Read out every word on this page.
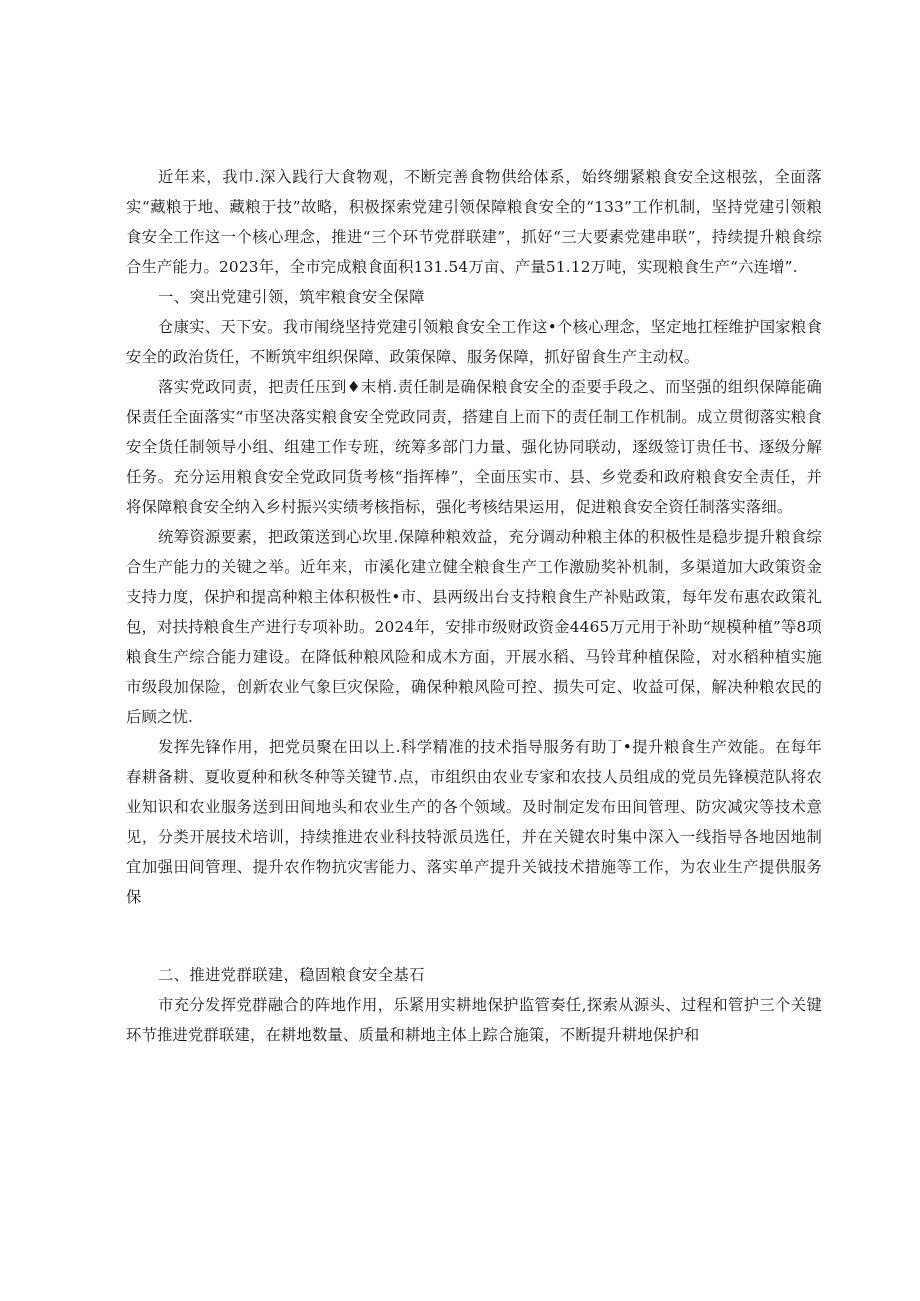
近年来，我巾.深入践行大食物观，不断完善食物供给体系，始终绷紧粮食安全这根弦，全面落实“藏粮于地、藏粮于技”故略，积极探索党建引领保障粮食安全的“133”工作机制，坚持党建引领粮食安全工作这一个核心理念，推进“三个环节党群联建”，抓好“三大要素党建串联”，持续提升粮食综合生产能力。2023年，全市完成粮食面积131.54万亩、产量51.12万吨，实现粮食生产“六连增”.

一、突出党建引领，筑牢粮食安全保障

仓康实、天下安。我市闱绕坚持党建引领粮食安全工作这•个核心理念，坚定地扛桎维护国家粮食安全的政治货任，不断筑牢组织保障、政策保障、服务保障，抓好留食生产主动权。

落实党政同责，把责任压到♦末梢.责任制是确保粮食安全的歪要手段之、而坚强的组织保障能确保责任全面落实“市坚决落实粮食安全党政同责，搭建自上而下的责任制工作机制。成立贯彻落实粮食安全货任制领导小组、组建工作专班，统筹多部门力量、强化协同联动，逐级签订贵任书、逐级分解任务。充分运用粮食安全党政同货考核“指挥棒”，全面压实市、县、乡党委和政府粮食安全责任，并将保障粮食安全纳入乡村振兴实绩考核指标，强化考核结果运用，促进粮食安全资任制落实落细。

统筹资源要素，把政策送到心坎里.保障种粮效益，充分调动种粮主体的积极性是稳步提升粮食综合生产能力的关键之举。近年来，市溪化建立健全粮食生产工作激励奖补机制，多渠道加大政策资金支持力度，保护和提高种粮主体积极性•市、县两级出台支持粮食生产补贴政策，每年发布惠农政策礼包，对扶持粮食生产进行专项补助。2024年，安排市级财政资金4465万元用于补助“规模种植”等8项粮食生产综合能力建设。在降低种粮风险和成木方面，开展水稻、马铃茸种植保险，对水稻种植实施市级段加保险，创新农业气象巨灾保险，确保种粮风险可控、损失可定、收益可保，解决种粮农民的后顾之忧.

发挥先锋作用，把党员聚在田以上.科学精准的技术指导服务有助丁•提升粮食生产效能。在每年春耕备耕、夏收夏种和秋冬种等关键节.点，市组织由农业专家和农技人员组成的党员先锋模范队将农业知识和农业服务送到田间地头和农业生产的各个领域。及时制定发布田间管理、防灾减灾等技术意见，分类开展技术培训，持续推进农业科技特派员选任，并在关键农时集中深入一线指导各地因地制宜加强田间管理、提升农作物抗灾害能力、落实单产提升关钺技术措施等工作，为农业生产提供服务保

二、推进党群联建，稳固粮食安全基石

市充分发挥党群融合的阵地作用，乐紧用实耕地保护监管奏任,探索从源头、过程和管护三个关键环节推进党群联建，在耕地数量、质量和耕地主体上踪合施策，不断提升耕地保护和
